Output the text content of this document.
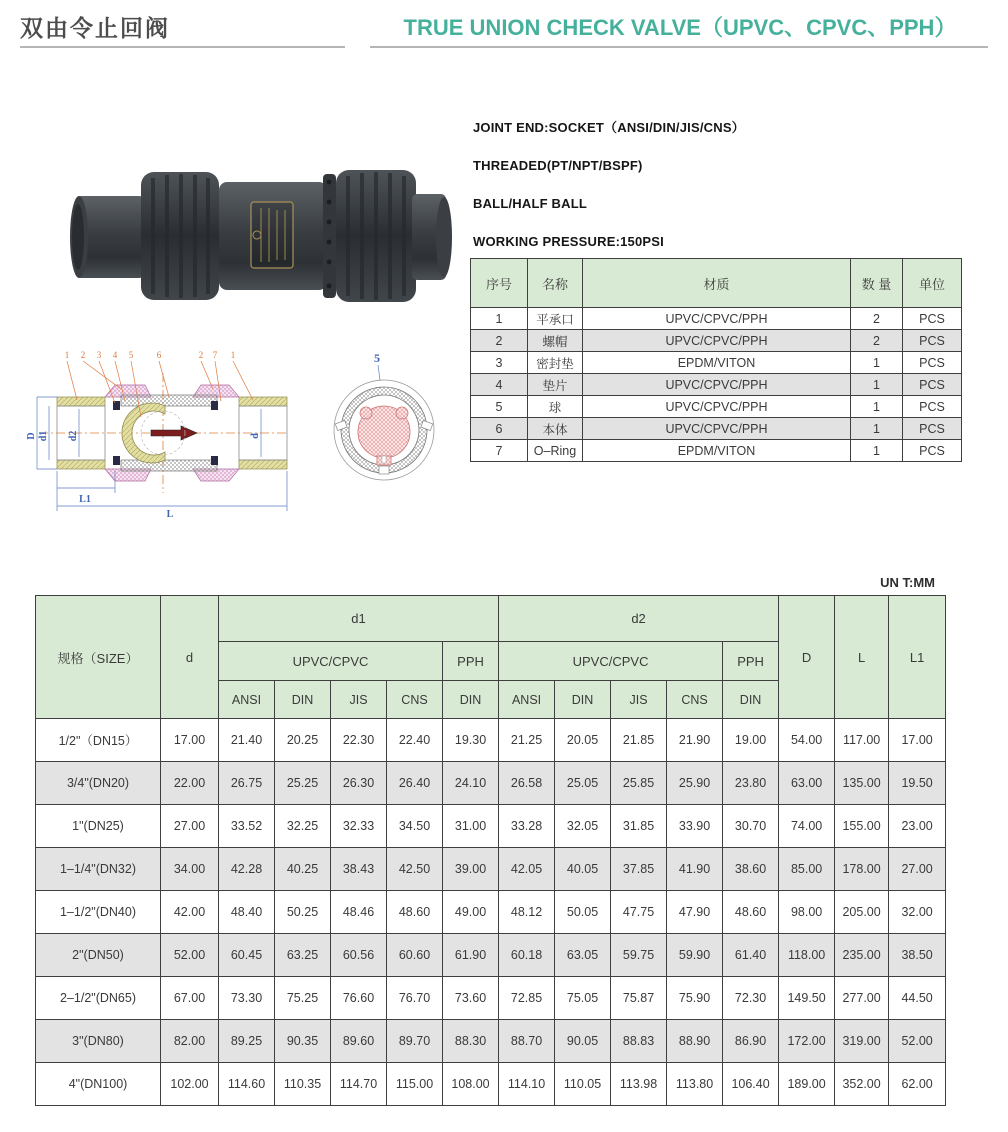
双由令止回阀	TRUE UNION CHECK VALVE（UPVC、CPVC、PPH）
JOINT END:SOCKET（ANSI/DIN/JIS/CNS）
THREADED(PT/NPT/BSPF)
BALL/HALF BALL
WORKING PRESSURE:150PSI
序号	名称	材质	数 量	单位
1	平承口	UPVC/CPVC/PPH	2	PCS
2	螺帽	UPVC/CPVC/PPH	2	PCS
3	密封垫	EPDM/VITON	1	PCS
4	垫片	UPVC/CPVC/PPH	1	PCS
5	球	UPVC/CPVC/PPH	1	PCS
6	本体	UPVC/CPVC/PPH	1	PCS
7	O–Ring	EPDM/VITON	1	PCS
1 2 3 4 5	6	2 7 1
D d1 d2	d
L1
L
5
UN T:MM
规格（SIZE）	d	d1					d2					D	L	L1
		UPVC/CPVC				PPH	UPVC/CPVC				PPH			
		ANSI	DIN	JIS	CNS	DIN	ANSI	DIN	JIS	CNS	DIN			
1/2"（DN15）	17.00	21.40	20.25	22.30	22.40	19.30	21.25	20.05	21.85	21.90	19.00	54.00	117.00	17.00
3/4"(DN20)	22.00	26.75	25.25	26.30	26.40	24.10	26.58	25.05	25.85	25.90	23.80	63.00	135.00	19.50
1"(DN25)	27.00	33.52	32.25	32.33	34.50	31.00	33.28	32.05	31.85	33.90	30.70	74.00	155.00	23.00
1–1/4"(DN32)	34.00	42.28	40.25	38.43	42.50	39.00	42.05	40.05	37.85	41.90	38.60	85.00	178.00	27.00
1–1/2"(DN40)	42.00	48.40	50.25	48.46	48.60	49.00	48.12	50.05	47.75	47.90	48.60	98.00	205.00	32.00
2"(DN50)	52.00	60.45	63.25	60.56	60.60	61.90	60.18	63.05	59.75	59.90	61.40	118.00	235.00	38.50
2–1/2"(DN65)	67.00	73.30	75.25	76.60	76.70	73.60	72.85	75.05	75.87	75.90	72.30	149.50	277.00	44.50
3"(DN80)	82.00	89.25	90.35	89.60	89.70	88.30	88.70	90.05	88.83	88.90	86.90	172.00	319.00	52.00
4"(DN100)	102.00	114.60	110.35	114.70	115.00	108.00	114.10	110.05	113.98	113.80	106.40	189.00	352.00	62.00
